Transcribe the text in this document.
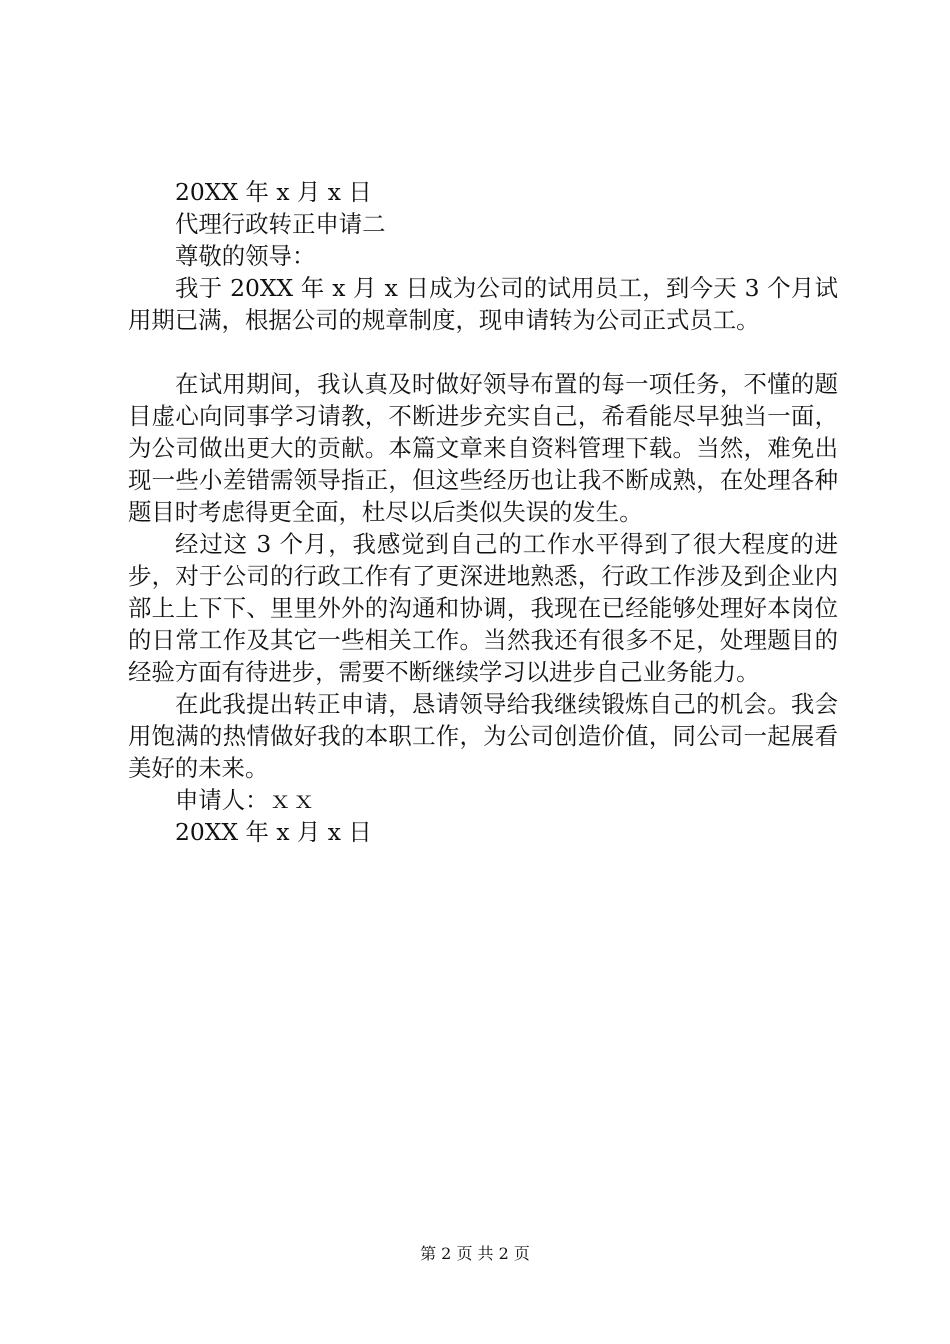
20XX 年 x 月 x 日
代理行政转正申请二
尊敬的领导：
我于 20XX 年 x 月 x 日成为公司的试用员工，到今天 3 个月试用期已满，根据公司的规章制度，现申请转为公司正式员工。
在试用期间，我认真及时做好领导布置的每一项任务，不懂的题目虚心向同事学习请教，不断进步充实自己，希看能尽早独当一面，为公司做出更大的贡献。本篇文章来自资料管理下载。当然，难免出现一些小差错需领导指正，但这些经历也让我不断成熟，在处理各种题目时考虑得更全面，杜尽以后类似失误的发生。
经过这 3 个月，我感觉到自己的工作水平得到了很大程度的进步，对于公司的行政工作有了更深进地熟悉，行政工作涉及到企业内部上上下下、里里外外的沟通和协调，我现在已经能够处理好本岗位的日常工作及其它一些相关工作。当然我还有很多不足，处理题目的经验方面有待进步，需要不断继续学习以进步自己业务能力。
在此我提出转正申请，恳请领导给我继续锻炼自己的机会。我会用饱满的热情做好我的本职工作，为公司创造价值，同公司一起展看美好的未来。
申请人：ｘｘ
20XX 年 x 月 x 日
第 2 页 共 2 页
